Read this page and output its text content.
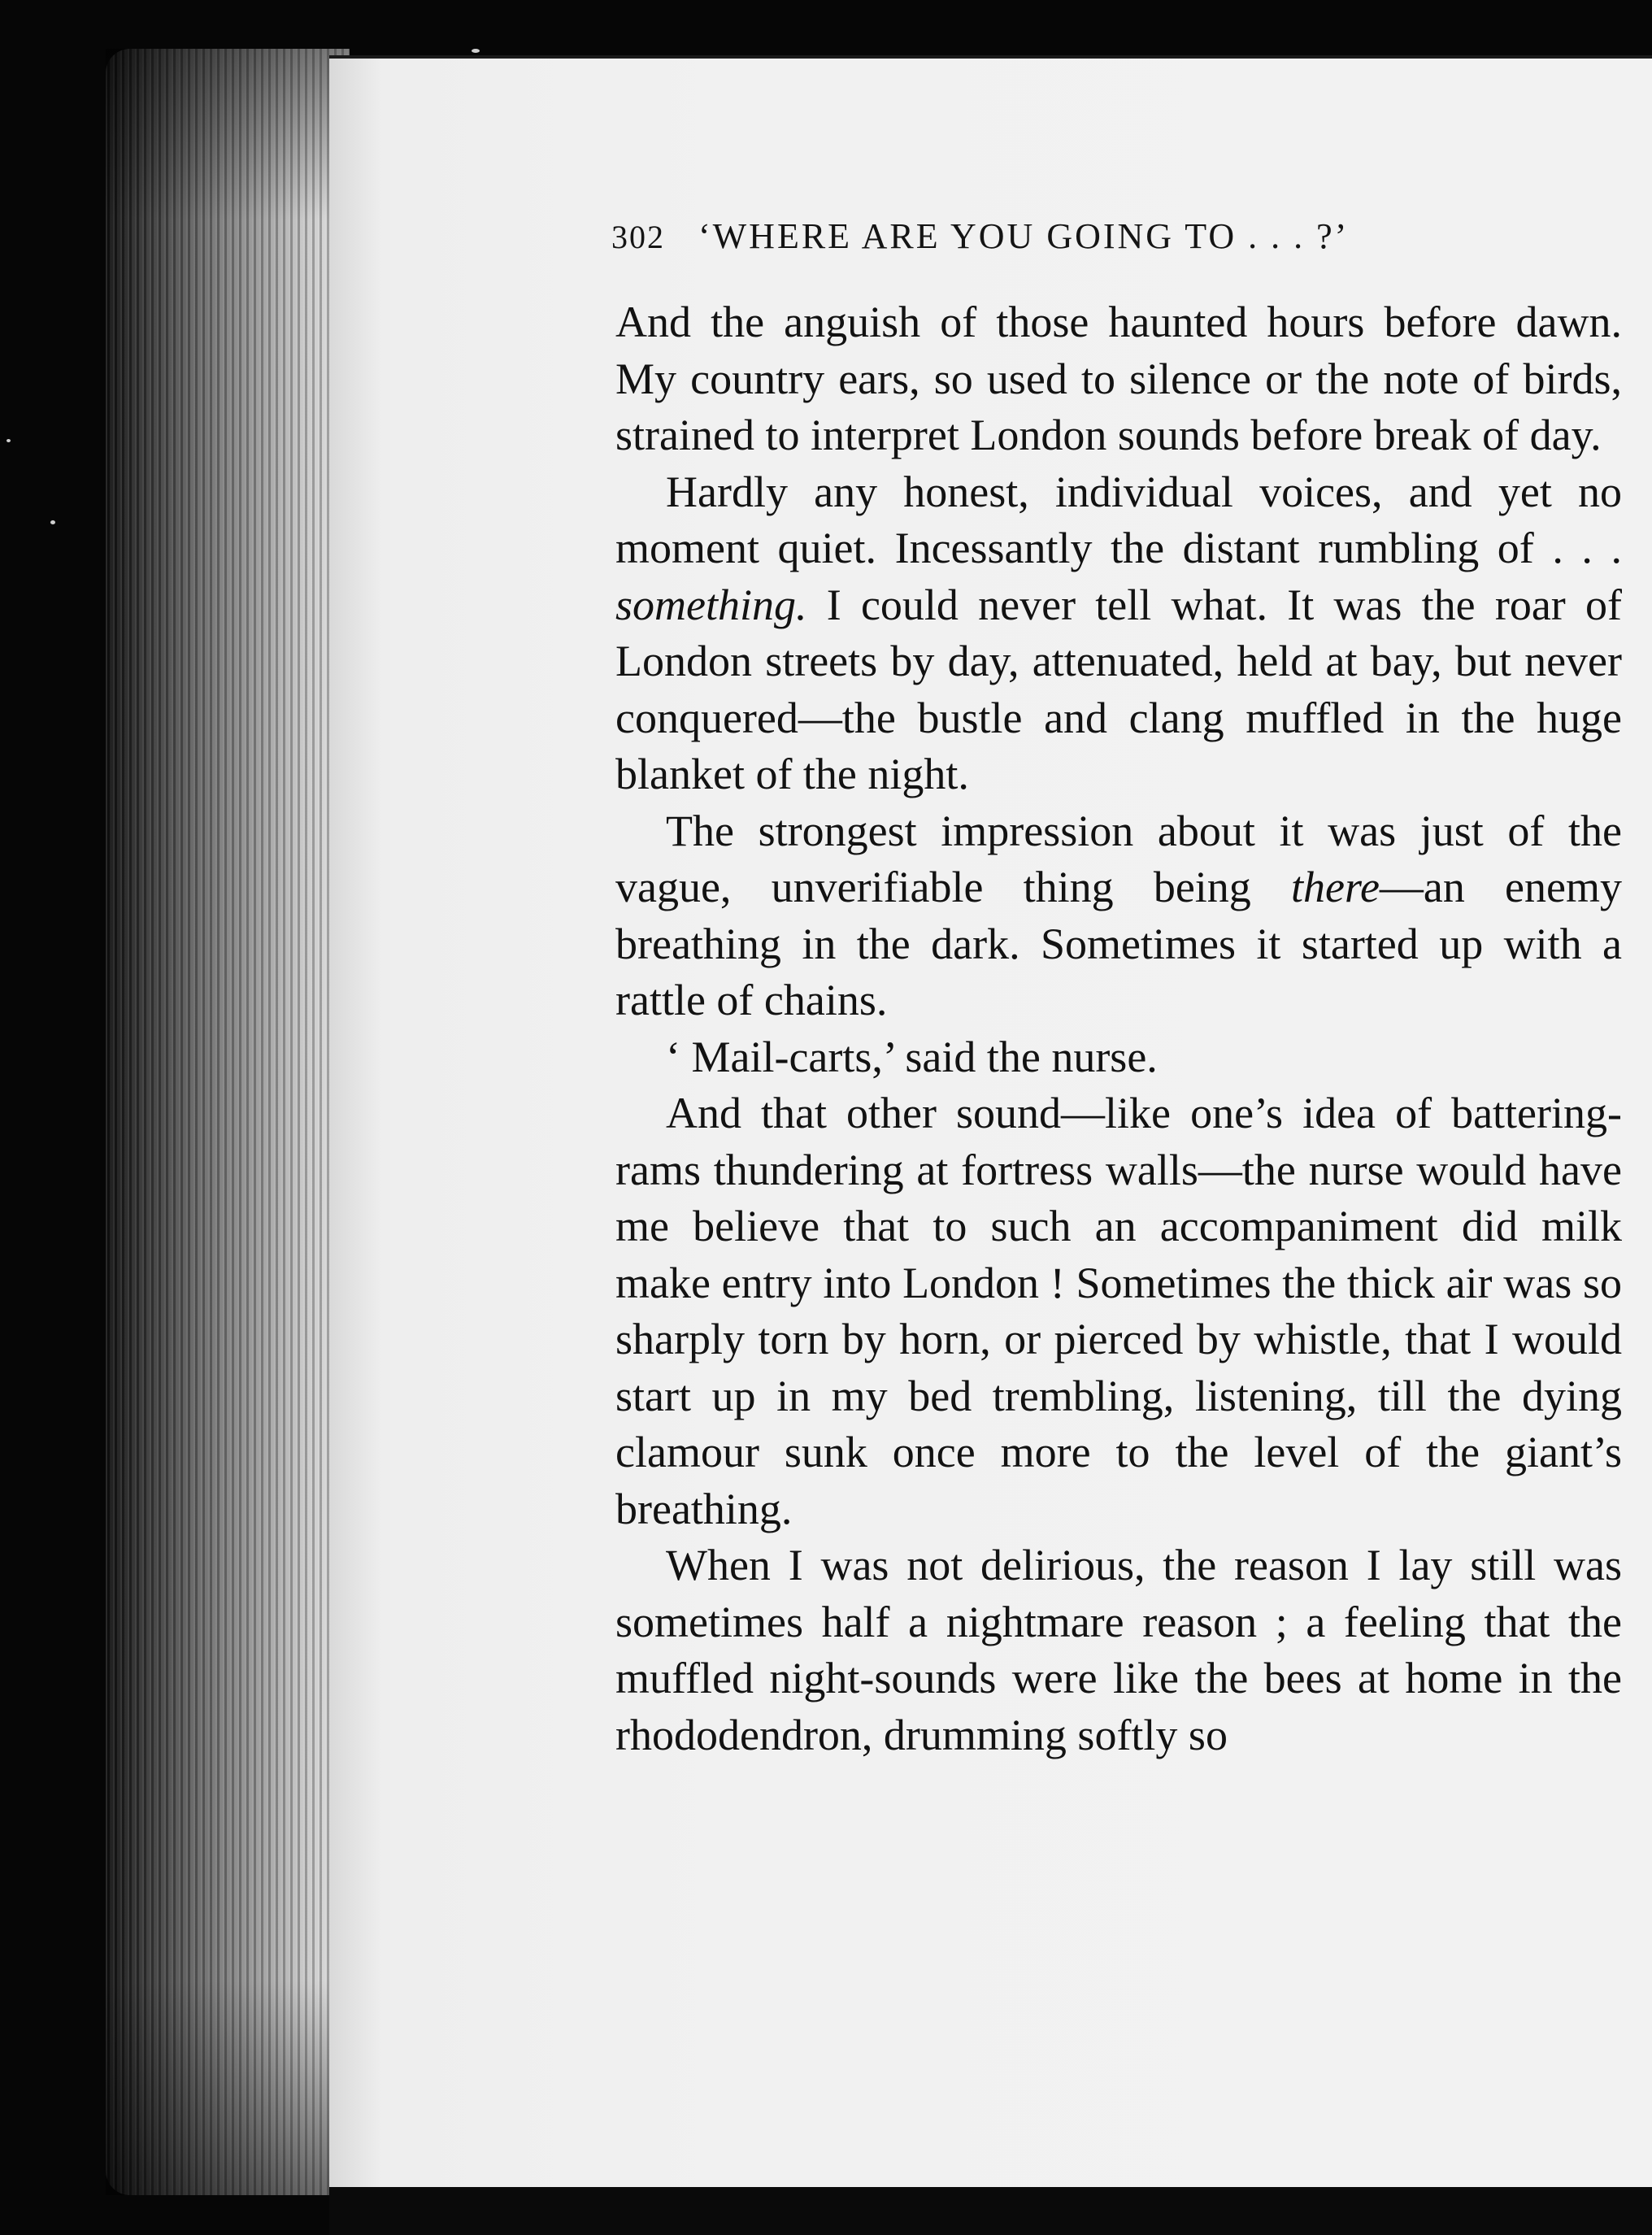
302 ‘WHERE ARE YOU GOING TO . . . ?’

And the anguish of those haunted hours before dawn. My country ears, so used to silence or the note of birds, strained to interpret London sounds before break of day.

Hardly any honest, individual voices, and yet no moment quiet. Incessantly the distant rumbling of . . . something. I could never tell what. It was the roar of London streets by day, attenuated, held at bay, but never conquered—the bustle and clang muffled in the huge blanket of the night.

The strongest impression about it was just of the vague, unverifiable thing being there—an enemy breathing in the dark. Sometimes it started up with a rattle of chains.

‘ Mail-carts,’ said the nurse.

And that other sound—like one’s idea of battering-rams thundering at fortress walls—the nurse would have me believe that to such an accompaniment did milk make entry into London ! Sometimes the thick air was so sharply torn by horn, or pierced by whistle, that I would start up in my bed trembling, listening, till the dying clamour sunk once more to the level of the giant’s breathing.

When I was not delirious, the reason I lay still was sometimes half a nightmare reason ; a feeling that the muffled night-sounds were like the bees at home in the rhododendron, drumming softly so
